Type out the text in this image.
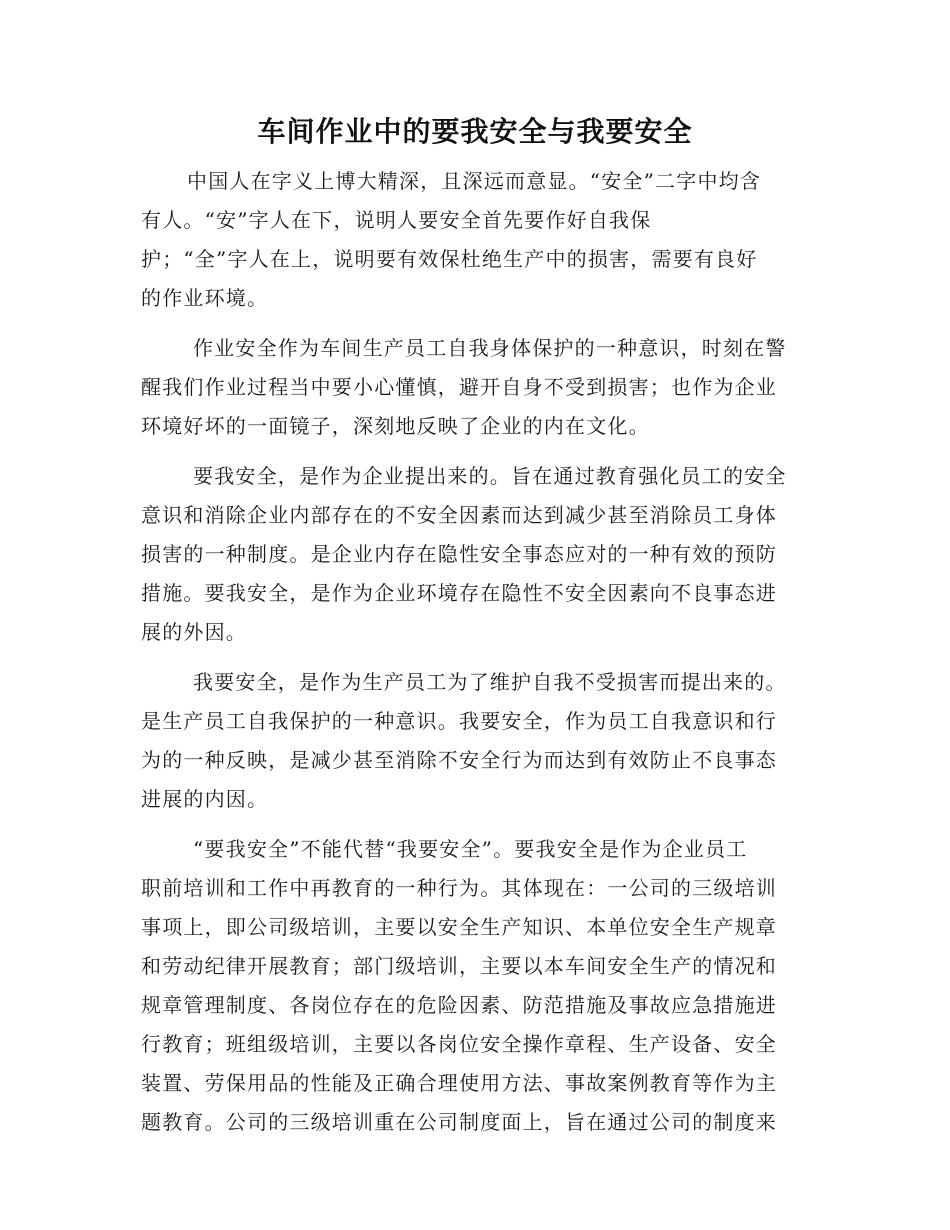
车间作业中的要我安全与我要安全
中国人在字义上博大精深，且深远而意显。“安全”二字中均含
有人。“安”字人在下，说明人要安全首先要作好自我保
护；“全”字人在上，说明要有效保杜绝生产中的损害，需要有良好
的作业环境。
作业安全作为车间生产员工自我身体保护的一种意识，时刻在警
醒我们作业过程当中要小心懂慎，避开自身不受到损害；也作为企业
环境好坏的一面镜子，深刻地反映了企业的内在文化。
要我安全，是作为企业提出来的。旨在通过教育强化员工的安全
意识和消除企业内部存在的不安全因素而达到减少甚至消除员工身体
损害的一种制度。是企业内存在隐性安全事态应对的一种有效的预防
措施。要我安全，是作为企业环境存在隐性不安全因素向不良事态进
展的外因。
我要安全，是作为生产员工为了维护自我不受损害而提出来的。
是生产员工自我保护的一种意识。我要安全，作为员工自我意识和行
为的一种反映，是减少甚至消除不安全行为而达到有效防止不良事态
进展的内因。
“要我安全”不能代替“我要安全”。要我安全是作为企业员工
职前培训和工作中再教育的一种行为。其体现在：一公司的三级培训
事项上，即公司级培训，主要以安全生产知识、本单位安全生产规章
和劳动纪律开展教育；部门级培训，主要以本车间安全生产的情况和
规章管理制度、各岗位存在的危险因素、防范措施及事故应急措施进
行教育；班组级培训，主要以各岗位安全操作章程、生产设备、安全
装置、劳保用品的性能及正确合理使用方法、事故案例教育等作为主
题教育。公司的三级培训重在公司制度面上，旨在通过公司的制度来
